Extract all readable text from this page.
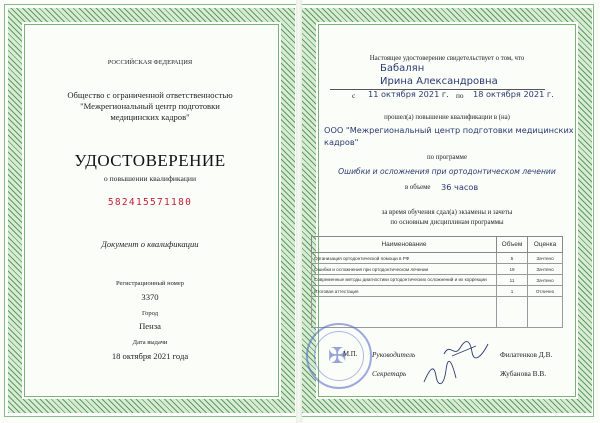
РОССИЙСКАЯ ФЕДЕРАЦИЯ
Общество с ограниченной ответственностью
"Межрегиональный центр подготовки
медицинских кадров"
УДОСТОВЕРЕНИЕ
о повышении квалификации
582415571180
Документ о квалификации
Регистрационный номер
3370
Город
Пенза
Дата выдачи
18 октября 2021 года
Настоящее удостоверение свидетельствует о том, что
Бабалян
Ирина Александровна
с 11 октября 2021 г. по 18 октября 2021 г.
прошел(а) повышение квалификации в (на)
ООО "Межрегиональный центр подготовки медицинских
кадров"
по программе
Ошибки и осложнения при ортодонтическом лечении
в объеме 36 часов
за время обучения сдал(а) экзамены и зачеты
по основным дисциплинам программы
Наименование	Объем	Оценка
Организация ортодонтической помощи в РФ	5	Зачтено
Ошибки и осложнения при ортодонтическом лечении	19	Зачтено
Современные методы диагностики ортодонтических осложнений и их коррекции	11	Зачтено
Итоговая аттестация	1	Отлично

✠
М.П. Руководитель	Филатенков Д.В.
Секретарь	Жубанова В.В.
